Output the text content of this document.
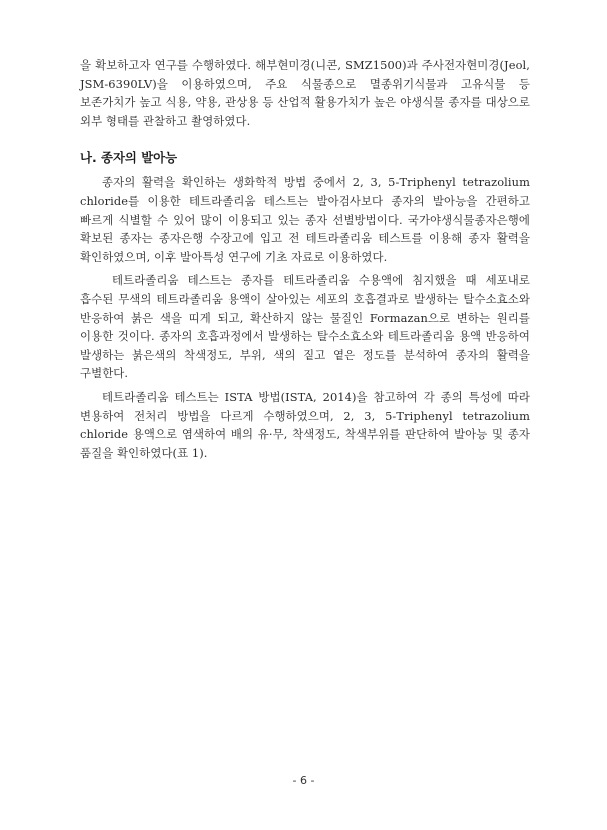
을 확보하고자 연구를 수행하였다. 해부현미경(니콘, SMZ1500)과 주사전자현미경(Jeol, JSM-6390LV)을 이용하였으며, 주요 식물종으로 멸종위기식물과 고유식물 등 보존가치가 높고 식용, 약용, 관상용 등 산업적 활용가치가 높은 야생식물 종자를 대상으로 외부 형태를 관찰하고 촬영하였다.

나. 종자의 발아능

종자의 활력을 확인하는 생화학적 방법 중에서 2, 3, 5-Triphenyl tetrazolium chloride를 이용한 테트라졸리움 테스트는 발아검사보다 종자의 발아능을 간편하고 빠르게 식별할 수 있어 많이 이용되고 있는 종자 선별방법이다. 국가야생식물종자은행에 확보된 종자는 종자은행 수장고에 입고 전 테트라졸리움 테스트를 이용해 종자 활력을 확인하였으며, 이후 발아특성 연구에 기초 자료로 이용하였다.

테트라졸리움 테스트는 종자를 테트라졸리움 수용액에 침지했을 때 세포내로 흡수된 무색의 테트라졸리움 용액이 살아있는 세포의 호흡결과로 발생하는 탈수소효소와 반응하여 붉은 색을 띠게 되고, 확산하지 않는 물질인 Formazan으로 변하는 원리를 이용한 것이다. 종자의 호흡과정에서 발생하는 탈수소효소와 테트라졸리움 용액 반응하여 발생하는 붉은색의 착색정도, 부위, 색의 짙고 옅은 정도를 분석하여 종자의 활력을 구별한다.

테트라졸리움 테스트는 ISTA 방법(ISTA, 2014)을 참고하여 각 종의 특성에 따라 변용하여 전처리 방법을 다르게 수행하였으며, 2, 3, 5-Triphenyl tetrazolium chloride 용액으로 염색하여 배의 유·무, 착색정도, 착색부위를 판단하여 발아능 및 종자 품질을 확인하였다(표 1).

- 6 -
